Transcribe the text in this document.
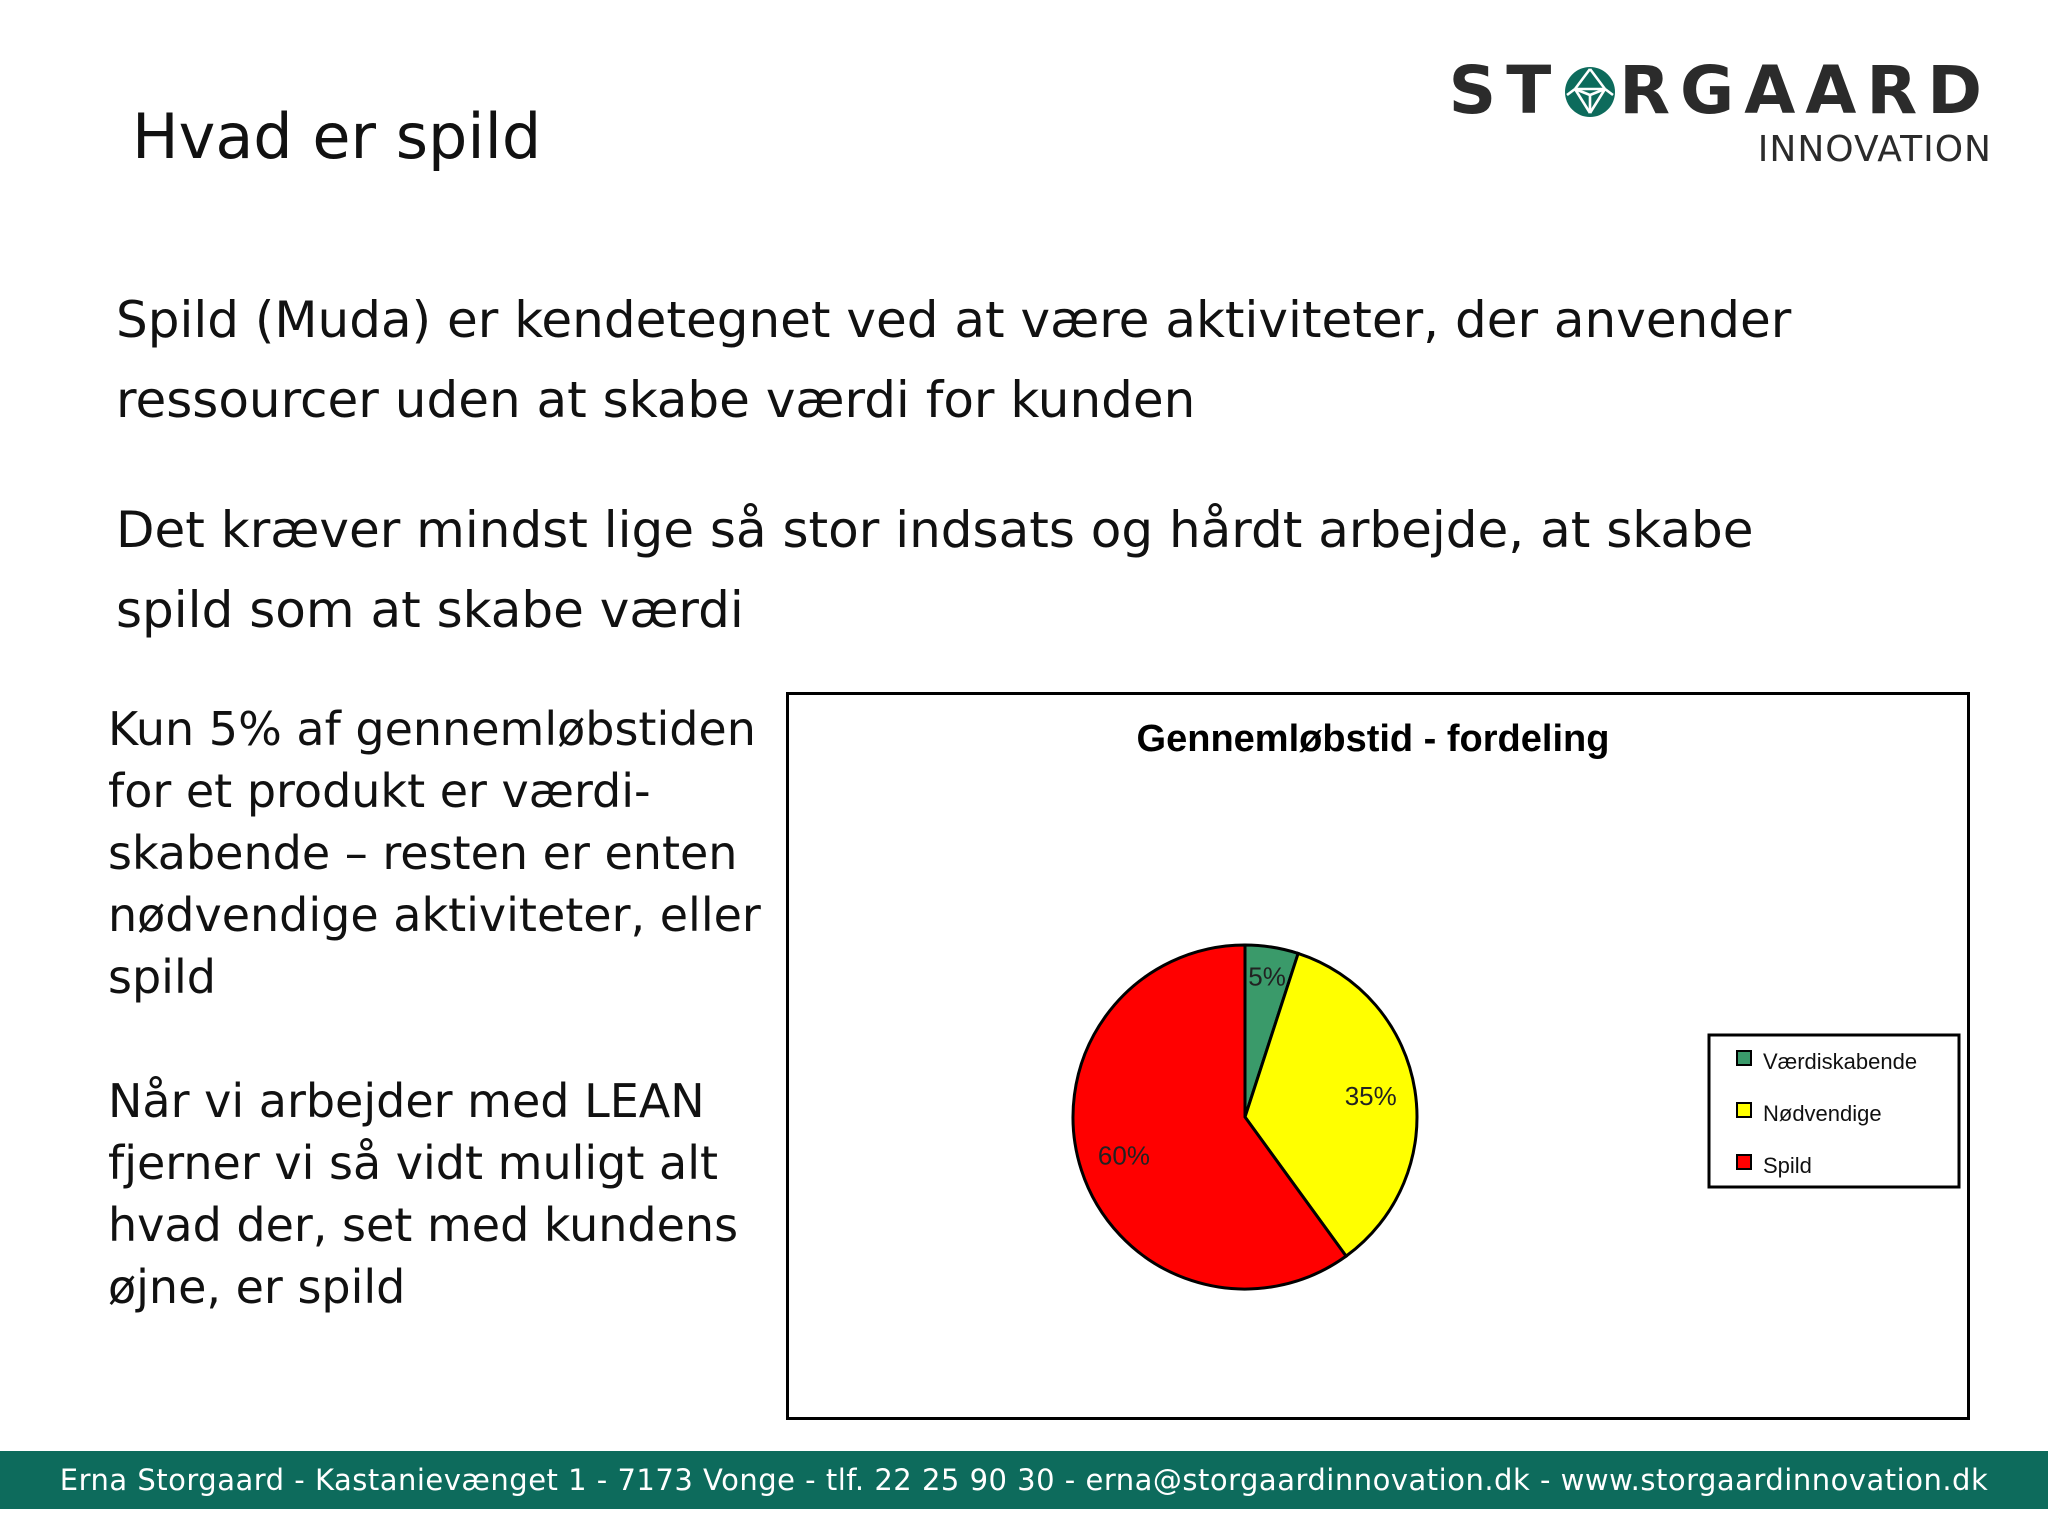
Hvad er spild
ST RGAARD
INNOVATION

Spild (Muda) er kendetegnet ved at være aktiviteter, der anvender ressourcer uden at skabe værdi for kunden

Det kræver mindst lige så stor indsats og hårdt arbejde, at skabe spild som at skabe værdi

Kun 5% af gennemløbstiden for et produkt er værdi-skabende – resten er enten nødvendige aktiviteter, eller spild

Når vi arbejder med LEAN fjerner vi så vidt muligt alt hvad der, set med kundens øjne, er spild

Gennemløbstid - fordeling
5%
35%
60%
Værdiskabende
Nødvendige
Spild
Erna Storgaard - Kastanievænget 1 - 7173 Vonge - tlf. 22 25 90 30 - erna@storgaardinnovation.dk - www.storgaardinnovation.dk
